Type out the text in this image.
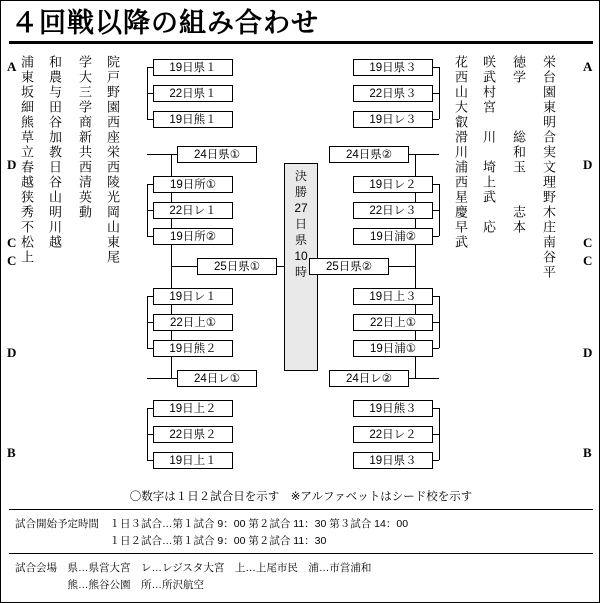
４回戦以降の組み合わせ
A
D
C
C
D
B
浦東坂細熊草立春越狭秀不松上 和農与田谷加教日谷山明川越 学大三学商新共西清英動 院戸野園西座栄西陵光岡山東尾	19日県１
22日県１
19日熊１
24日県①
19日所①
22日レ１
19日所②
25日県①
19日レ１
22日上①
19日熊２
24日レ①
19日上２
22日県２
19日上１
決
勝
27
日
県
10
時
A
D
C
C
D
B
花西山大叡滑川浦西星慶早武 咲武村宮　川　埼上武　応 徳学　　　総和玉　　志本 栄台園東明合実文理野木庄南谷平
19日県３
22日県３
19日レ３
24日県②
19日レ２
22日レ３
19日浦②
25日県②
19日上３
22日上①
19日浦①
24日レ②
19日熊３
22日レ２
19日県３
〇数字は１日２試合日を示す　※アルファベットはシード校を示す
試合開始予定時間　１日３試合…第１試合 9：00 第２試合 11：30 第３試合 14：00
　　　　　　　　　１日２試合…第１試合 9：00 第２試合 11：30
試合会場　県…県営大宮　レ…レジスタ大宮　上…上尾市民　浦…市営浦和
　　　　　熊…熊谷公園　所…所沢航空
